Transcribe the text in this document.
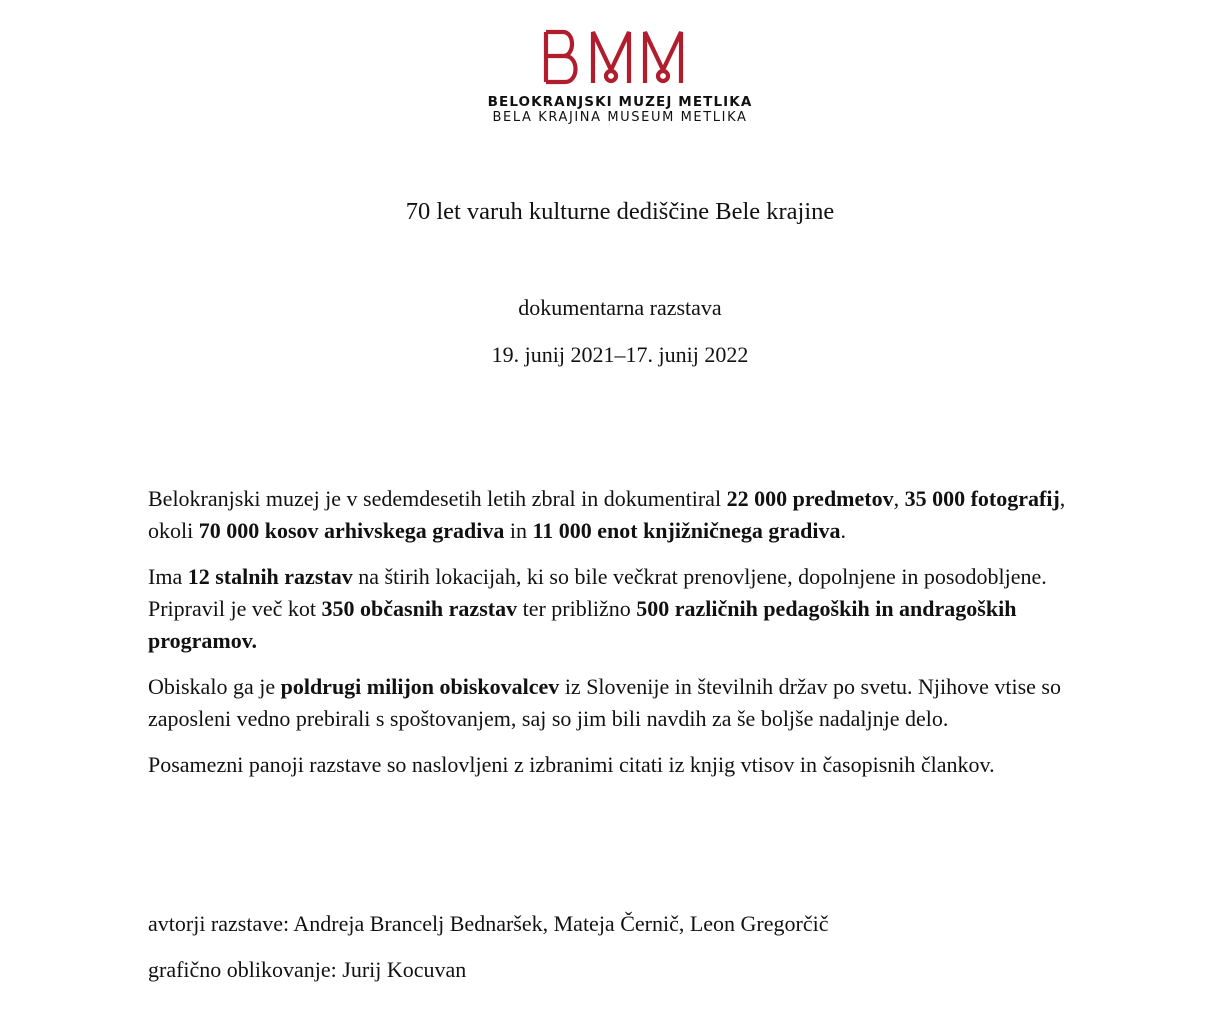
BELOKRANJSKI MUZEJ METLIKA
BELA KRAJINA MUSEUM METLIKA
70 let varuh kulturne dediščine Bele krajine
dokumentarna razstava
19. junij 2021–17. junij 2022

Belokranjski muzej je v sedemdesetih letih zbral in dokumentiral 22 000 predmetov, 35 000 fotografij, okoli 70 000 kosov arhivskega gradiva in 11 000 enot knjižničnega gradiva.

Ima 12 stalnih razstav na štirih lokacijah, ki so bile večkrat prenovljene, dopolnjene in posodobljene. Pripravil je več kot 350 občasnih razstav ter približno 500 različnih pedagoških in andragoških programov.

Obiskalo ga je poldrugi milijon obiskovalcev iz Slovenije in številnih držav po svetu. Njihove vtise so zaposleni vedno prebirali s spoštovanjem, saj so jim bili navdih za še boljše nadaljnje delo.

Posamezni panoji razstave so naslovljeni z izbranimi citati iz knjig vtisov in časopisnih člankov.

avtorji razstave: Andreja Brancelj Bednaršek, Mateja Černič, Leon Gregorčič

grafično oblikovanje: Jurij Kocuvan
